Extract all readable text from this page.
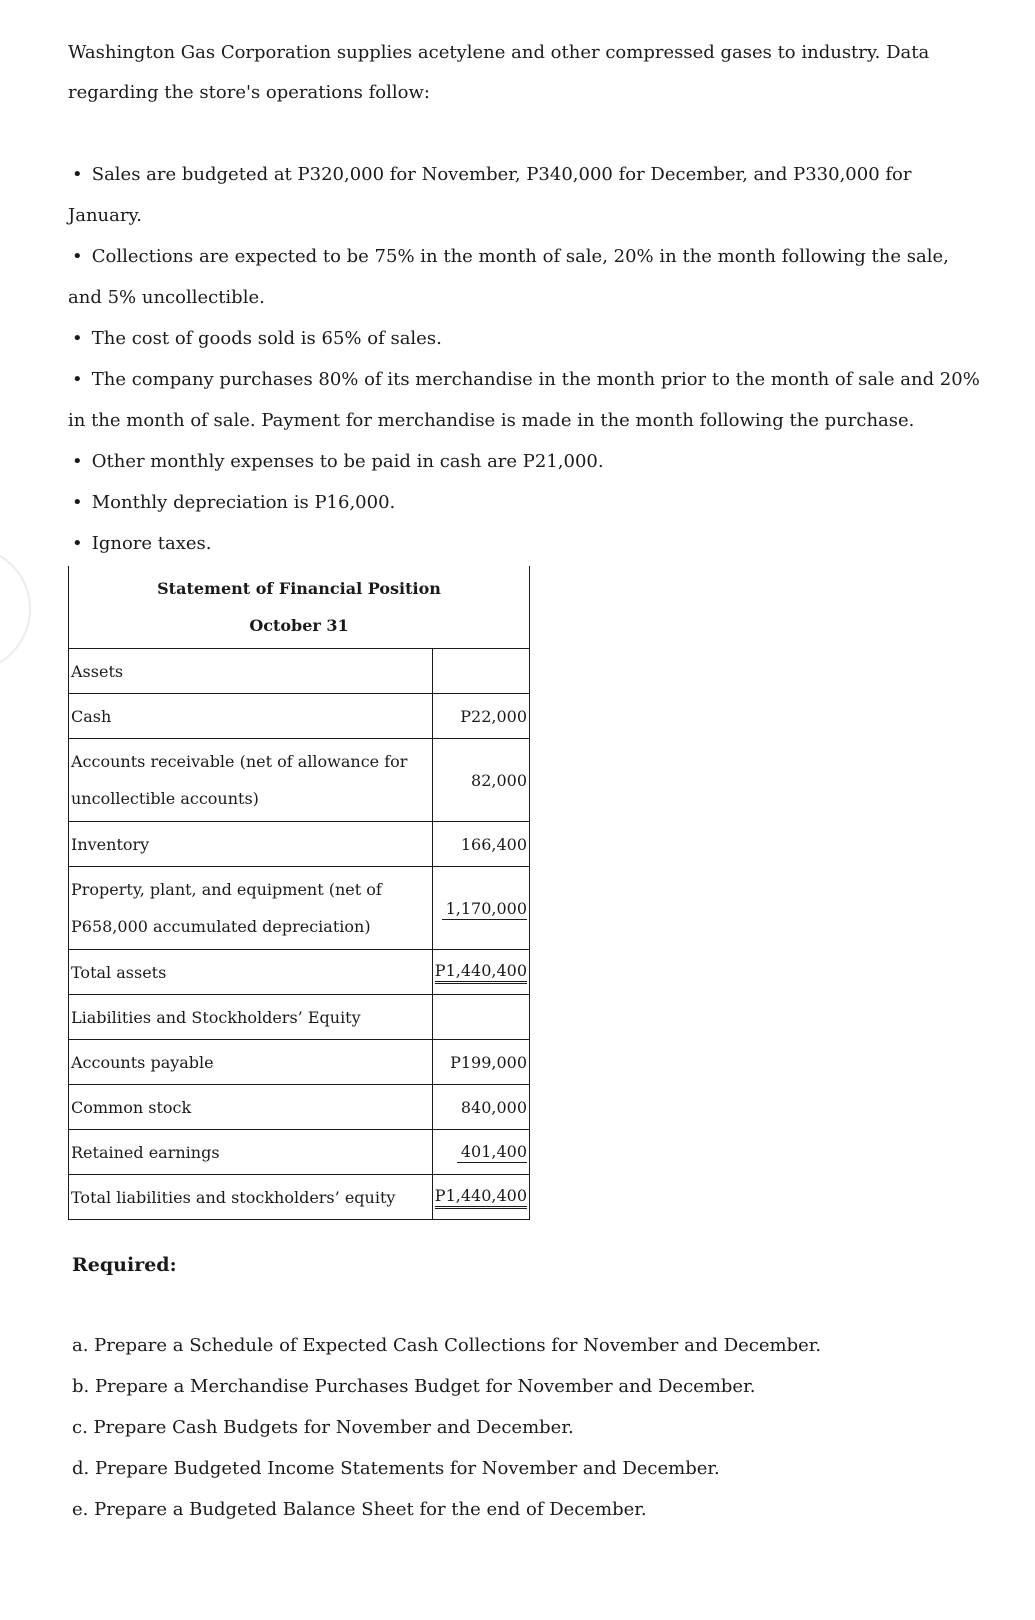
Washington Gas Corporation supplies acetylene and other compressed gases to industry. Data regarding the store's operations follow:

• Sales are budgeted at P320,000 for November, P340,000 for December, and P330,000 for January.
• Collections are expected to be 75% in the month of sale, 20% in the month following the sale, and 5% uncollectible.
• The cost of goods sold is 65% of sales.
• The company purchases 80% of its merchandise in the month prior to the month of sale and 20% in the month of sale. Payment for merchandise is made in the month following the purchase.
• Other monthly expenses to be paid in cash are P21,000.
• Monthly depreciation is P16,000.
• Ignore taxes.
Statement of Financial Position
October 31	

Assets	
Cash	P22,000
Accounts receivable (net of allowance for uncollectible accounts)	82,000
Inventory	166,400
Property, plant, and equipment (net of P658,000 accumulated depreciation)	1,170,000
Total assets	P1,440,400
Liabilities and Stockholders’ Equity	
Accounts payable	P199,000
Common stock	840,000
Retained earnings	401,400
Total liabilities and stockholders’ equity	P1,440,400
Required:
a. Prepare a Schedule of Expected Cash Collections for November and December.
b. Prepare a Merchandise Purchases Budget for November and December.
c. Prepare Cash Budgets for November and December.
d. Prepare Budgeted Income Statements for November and December.
e. Prepare a Budgeted Balance Sheet for the end of December.
